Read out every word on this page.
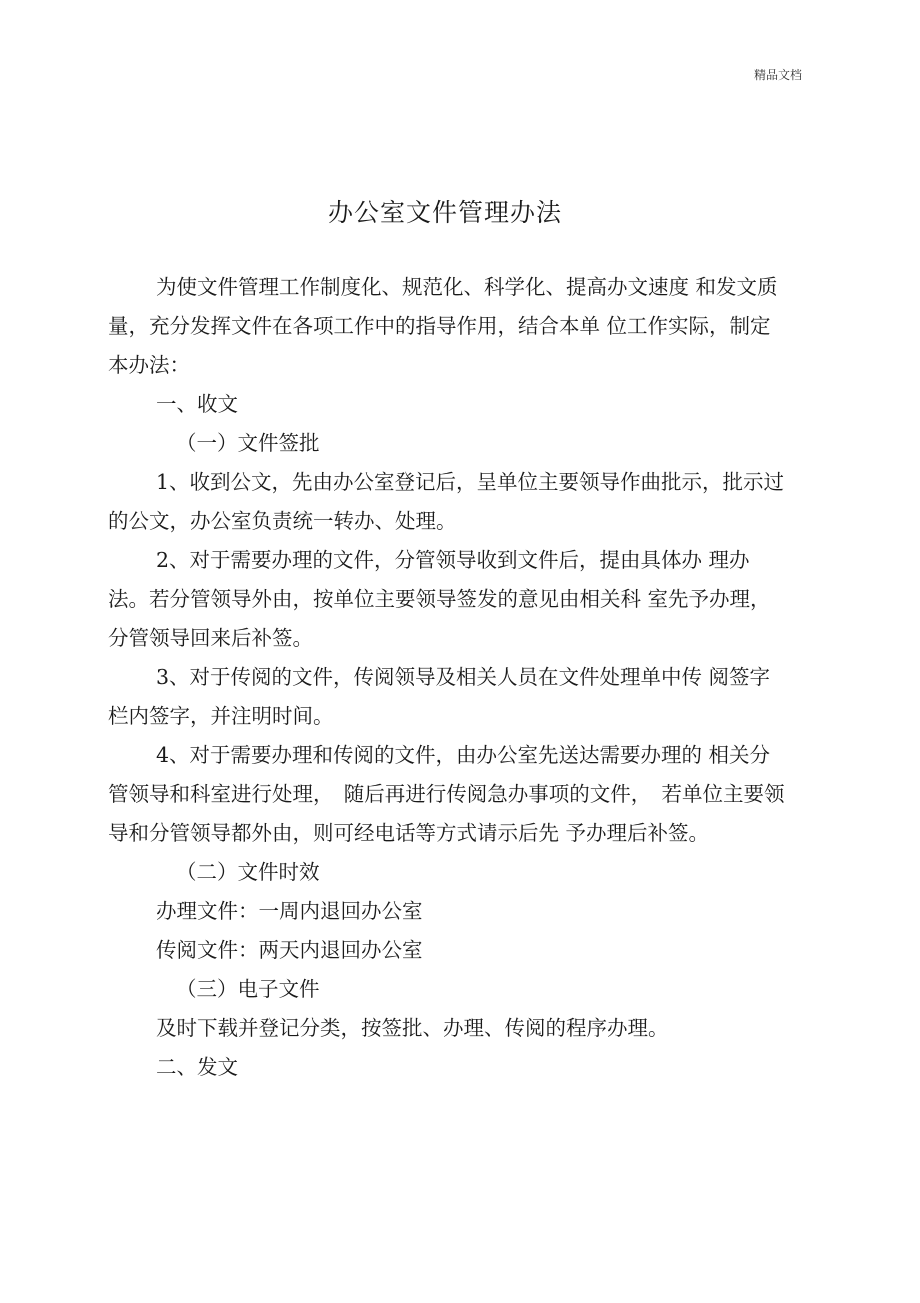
精品文档
办公室文件管理办法

为使文件管理工作制度化、规范化、科学化、提高办文速度 和发文质量，充分发挥文件在各项工作中的指导作用，结合本单 位工作实际，制定本办法：

一、收文

（一）文件签批

1、收到公文，先由办公室登记后，呈单位主要领导作曲批示，批示过的公文，办公室负责统一转办、处理。

2、对于需要办理的文件，分管领导收到文件后，提由具体办 理办法。若分管领导外由，按单位主要领导签发的意见由相关科 室先予办理，分管领导回来后补签。

3、对于传阅的文件，传阅领导及相关人员在文件处理单中传 阅签字栏内签字，并注明时间。

4、对于需要办理和传阅的文件，由办公室先送达需要办理的 相关分管领导和科室进行处理，　随后再进行传阅急办事项的文件，　若单位主要领导和分管领导都外由，则可经电话等方式请示后先 予办理后补签。

（二）文件时效

办理文件：一周内退回办公室

传阅文件：两天内退回办公室

（三）电子文件

及时下载并登记分类，按签批、办理、传阅的程序办理。

二、发文
